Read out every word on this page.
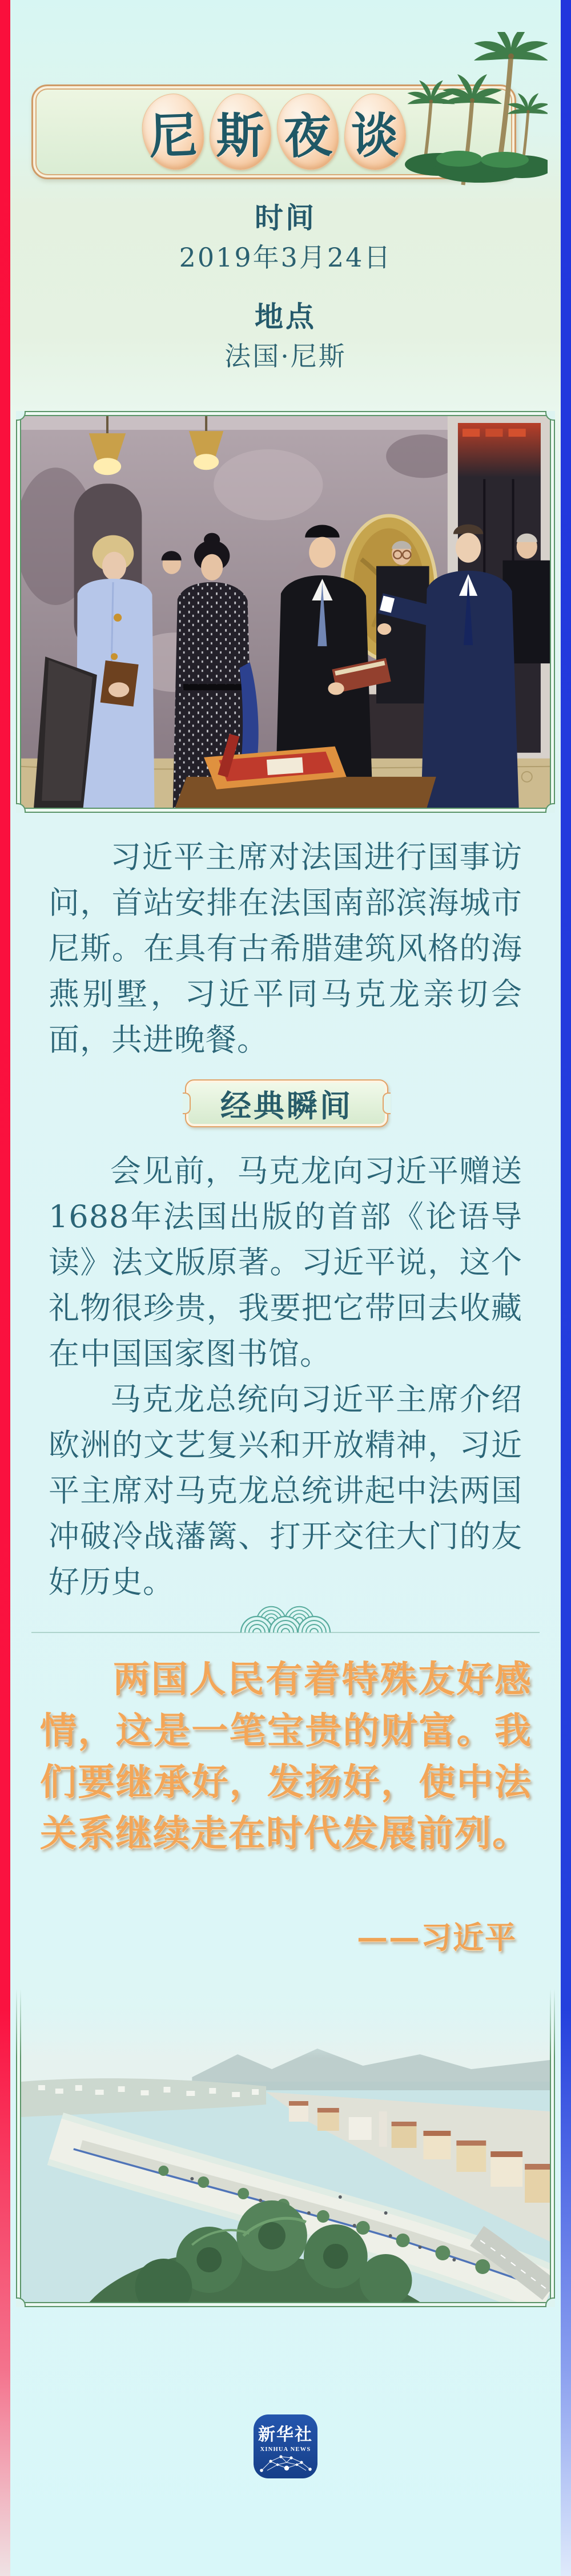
尼 斯 夜 谈
时间
2019年3月24日
地点
法国·尼斯
习近平主席对法国进行国事访问，首站安排在法国南部滨海城市尼斯。在具有古希腊建筑风格的海燕别墅，习近平同马克龙亲切会面，共进晚餐。
经典瞬间
会见前，马克龙向习近平赠送1688年法国出版的首部《论语导读》法文版原著。习近平说，这个礼物很珍贵，我要把它带回去收藏在中国国家图书馆。
马克龙总统向习近平主席介绍欧洲的文艺复兴和开放精神，习近平主席对马克龙总统讲起中法两国冲破冷战藩篱、打开交往大门的友好历史。
两国人民有着特殊友好感情，这是一笔宝贵的财富。我们要继承好，发扬好，使中法关系继续走在时代发展前列。
——习近平
新华社
XINHUA NEWS
